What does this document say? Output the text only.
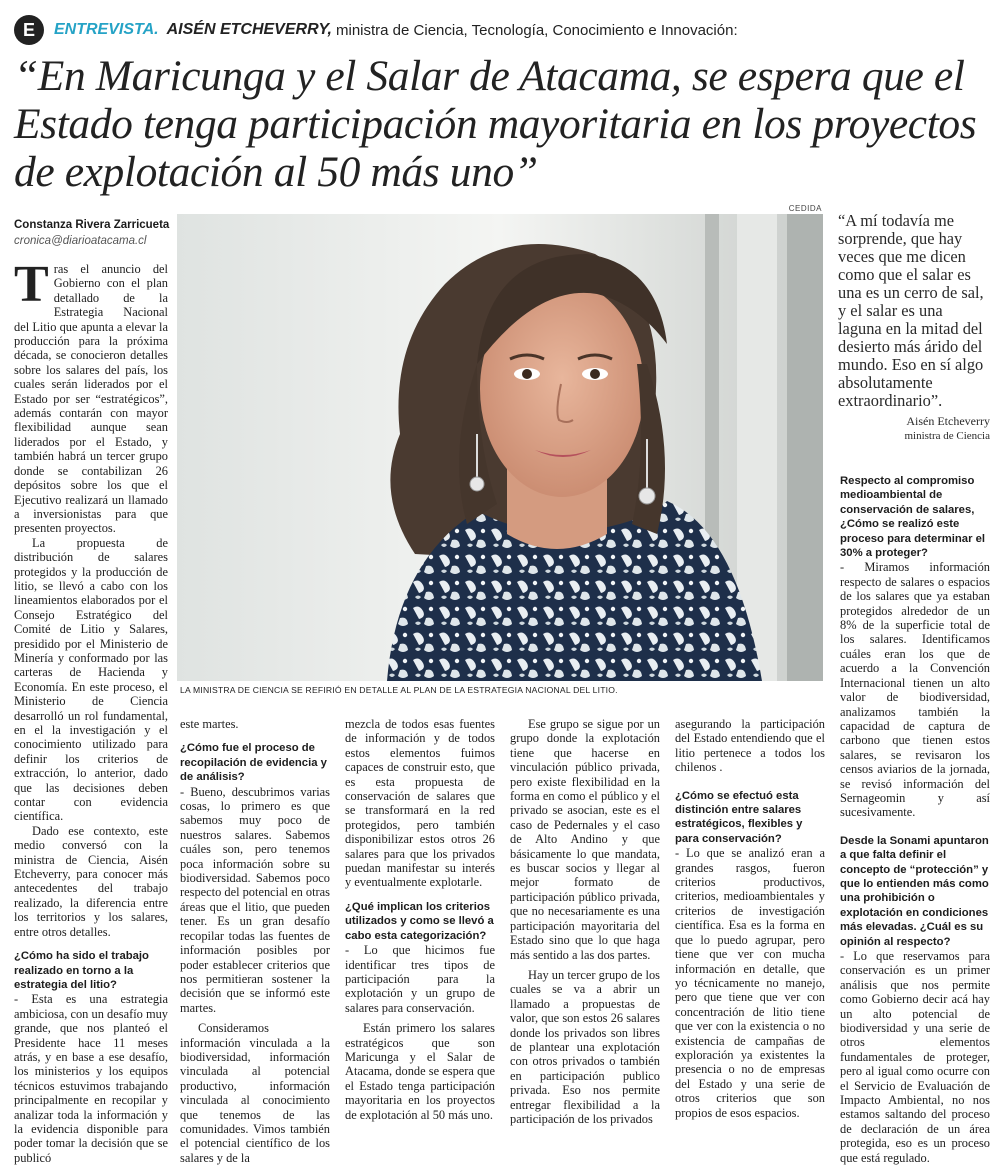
E	ENTREVISTA. AISÉN ETCHEVERRY, ministra de Ciencia, Tecnología, Conocimiento e Innovación:
“En Maricunga y el Salar de Atacama, se espera que el Estado tenga participación mayoritaria en los proyectos de explotación al 50 más uno”
Constanza Rivera Zarricueta
cronica@diarioatacama.cl
CEDIDA
LA MINISTRA DE CIENCIA SE REFIRIÓ EN DETALLE AL PLAN DE LA ESTRATEGIA NACIONAL DEL LITIO.
“A mí todavía me sorprende, que hay veces que me dicen como que el salar es una es un cerro de sal, y el salar es una laguna en la mitad del desierto más árido del mundo. Eso en sí algo absolutamente extraordinario”.
Aisén Etcheverry
ministra de Ciencia

Tras el anuncio del Gobierno con el plan detallado de la Estrategia Nacional del Litio que apunta a elevar la producción para la próxima década, se conocieron detalles sobre los salares del país, los cuales serán liderados por el Estado por ser “estratégicos”, además contarán con mayor flexibilidad aunque sean liderados por el Estado, y también habrá un tercer grupo donde se contabilizan 26 depósitos sobre los que el Ejecutivo realizará un llamado a inversionistas para que presenten proyectos.

La propuesta de distribución de salares protegidos y la producción de litio, se llevó a cabo con los lineamientos elaborados por el Consejo Estratégico del Comité de Litio y Salares, presidido por el Ministerio de Minería y conformado por las carteras de Hacienda y Economía. En este proceso, el Ministerio de Ciencia desarrolló un rol fundamental, en el la investigación y el conocimiento utilizado para definir los criterios de extracción, lo anterior, dado que las decisiones deben contar con evidencia científica.

Dado ese contexto, este medio conversó con la ministra de Ciencia, Aisén Etcheverry, para conocer más antecedentes del trabajo realizado, la diferencia entre los territorios y los salares, entre otros detalles.

¿Cómo ha sido el trabajo realizado en torno a la estrategia del litio?

- Esta es una estrategia ambiciosa, con un desafío muy grande, que nos planteó el Presidente hace 11 meses atrás, y en base a ese desafío, los ministerios y los equipos técnicos estuvimos trabajando principalmente en recopilar y analizar toda la información y la evidencia disponible para poder tomar la decisión que se publicó

este martes.

¿Cómo fue el proceso de recopilación de evidencia y de análisis?

- Bueno, descubrimos varias cosas, lo primero es que sabemos muy poco de nuestros salares. Sabemos cuáles son, pero tenemos poca información sobre su biodiversidad. Sabemos poco respecto del potencial en otras áreas que el litio, que pueden tener. Es un gran desafío recopilar todas las fuentes de información posibles por poder establecer criterios que nos permitieran sostener la decisión que se informó este martes.

Consideramos información vinculada a la biodiversidad, información vinculada al potencial productivo, información vinculada al conocimiento que tenemos de las comunidades. Vimos también el potencial científico de los salares y de la

mezcla de todos esas fuentes de información y de todos estos elementos fuimos capaces de construir esto, que es esta propuesta de conservación de salares que se transformará en la red protegidos, pero también disponibilizar estos otros 26 salares para que los privados puedan manifestar su interés y eventualmente explotarle.

¿Qué implican los criterios utilizados y como se llevó a cabo esta categorización?

- Lo que hicimos fue identificar tres tipos de participación para la explotación y un grupo de salares para conservación.

Están primero los salares estratégicos que son Maricunga y el Salar de Atacama, donde se espera que el Estado tenga participación mayoritaria en los proyectos de explotación al 50 más uno.

Ese grupo se sigue por un grupo donde la explotación tiene que hacerse en vinculación público privada, pero existe flexibilidad en la forma en como el público y el privado se asocian, este es el caso de Pedernales y el caso de Alto Andino y que básicamente lo que mandata, es buscar socios y llegar al mejor formato de participación público privada, que no necesariamente es una participación mayoritaria del Estado sino que lo que haga más sentido a las dos partes.

Hay un tercer grupo de los cuales se va a abrir un llamado a propuestas de valor, que son estos 26 salares donde los privados son libres de plantear una explotación con otros privados o también en participación publico privada. Eso nos permite entregar flexibilidad a la participación de los privados

asegurando la participación del Estado entendiendo que el litio pertenece a todos los chilenos .

¿Cómo se efectuó esta distinción entre salares estratégicos, flexibles y para conservación?

- Lo que se analizó eran a grandes rasgos, fueron criterios productivos, criterios, medioambientales y criterios de investigación científica. Esa es la forma en que lo puedo agrupar, pero tiene que ver con mucha información en detalle, que yo técnicamente no manejo, pero que tiene que ver con concentración de litio tiene que ver con la existencia o no existencia de campañas de exploración ya existentes la presencia o no de empresas del Estado y una serie de otros criterios que son propios de esos espacios.

Respecto al compromiso medioambiental de conservación de salares, ¿Cómo se realizó este proceso para determinar el 30% a proteger?

- Miramos información respecto de salares o espacios de los salares que ya estaban protegidos alrededor de un 8% de la superficie total de los salares. Identificamos cuáles eran los que de acuerdo a la Convención Internacional tienen un alto valor de biodiversidad, analizamos también la capacidad de captura de carbono que tienen estos salares, se revisaron los censos aviarios de la jornada, se revisó información del Sernageomin y así sucesivamente.

Desde la Sonami apuntaron a que falta definir el concepto de “protección” y que lo entienden más como una prohibición o explotación en condiciones más elevadas. ¿Cuál es su opinión al respecto?

- Lo que reservamos para conservación es un primer análisis que nos permite como Gobierno decir acá hay un alto potencial de biodiversidad y una serie de otros elementos fundamentales de proteger, pero al igual como ocurre con el Servicio de Evaluación de Impacto Ambiental, no nos estamos saltando del proceso de declaración de un área protegida, eso es un proceso que está regulado.
